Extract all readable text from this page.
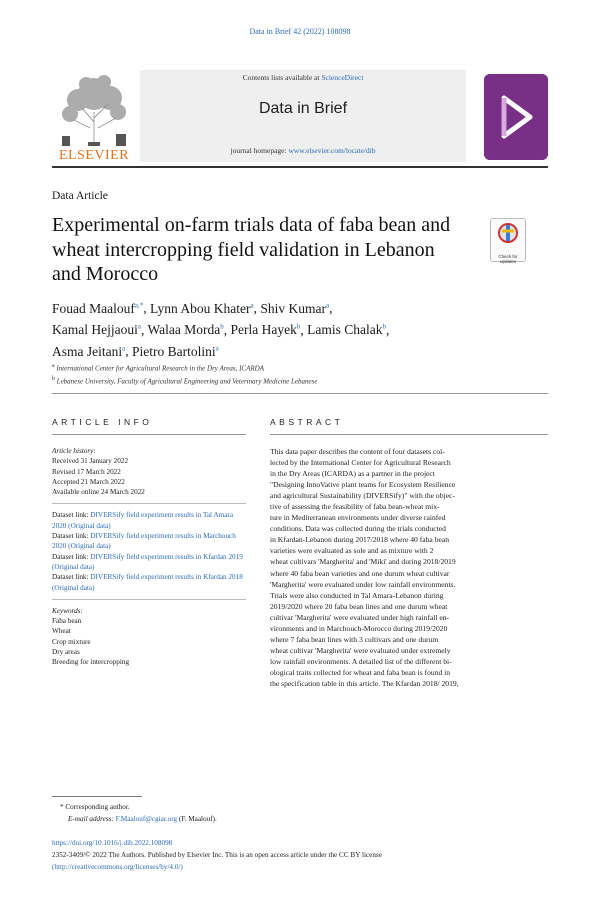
Data in Brief 42 (2022) 108098
ELSEVIER
Contents lists available at ScienceDirect
Data in Brief
journal homepage: www.elsevier.com/locate/dib
Data Article
Experimental on-farm trials data of faba bean and wheat intercropping field validation in Lebanon and Morocco
Check for updates
Fouad Maalouf$^{a,*}$, Lynn Abou Khater$^a$, Shiv Kumar$^a$,
Kamal Hejjaoui$^a$, Walaa Morda$^b$, Perla Hayek$^b$, Lamis Chalak$^b$,
Asma Jeitani$^a$, Pietro Bartolini$^a$
$^a$ International Center for Agricultural Research in the Dry Areas, ICARDA
$^b$ Lebanese University, Faculty of Agricultural Engineering and Veterinary Medicine Lebanese
ARTICLE INFO	ABSTRACT
Article history:
Received 31 January 2022
Revised 17 March 2022
Accepted 21 March 2022
Available online 24 March 2022
Dataset link: DIVERSify field experiment results in Tal Amara 2020 (Original data)
Dataset link: DIVERSify field experiment results in Marchouch 2020 (Original data)
Dataset link: DIVERSify field experiment results in Kfardan 2019 (Original data)
Dataset link: DIVERSify field experiment results in Kfardan 2018 (Original data)
Keywords:
Faba bean
Wheat
Crop mixture
Dry areas
Breeding for intercropping
This data paper describes the content of four datasets col-
lected by the International Center for Agricultural Research
in the Dry Areas (ICARDA) as a partner in the project
"Designing InnoVative plant teams for Ecosystem Resilience
and agricultural Sustainability (DIVERSify)" with the objec-
tive of assessing the feasibility of faba bean-wheat mix-
ture in Mediterranean environments under diverse rainfed
conditions. Data was collected during the trials conducted
in Kfardan-Lebanon during 2017/2018 where 40 faba bean
varieties were evaluated as sole and as mixture with 2
wheat cultivars 'Margherita' and 'Miki' and during 2018/2019
where 40 faba bean varieties and one durum wheat cultivar
'Margherita' were evaluated under low rainfall environments.
Trials were also conducted in Tal Amara-Lebanon during
2019/2020 where 20 faba bean lines and one durum wheat
cultivar 'Margherita' were evaluated under high rainfall en-
vironments and in Marchouch-Morocco during 2019/2020
where 7 faba bean lines with 3 cultivars and one durum
wheat cultivar 'Margherita' were evaluated under extremely
low rainfall environments. A detailed list of the different bi-
ological traits collected for wheat and faba bean is found in
the specification table in this article. The Kfardan 2018/ 2019,
* Corresponding author.
E-mail address: F.Maalouf@cgiar.org (F. Maalouf).
https://doi.org/10.1016/j.dib.2022.108098
2352-3409/© 2022 The Authors. Published by Elsevier Inc. This is an open access article under the CC BY license
(http://creativecommons.org/licenses/by/4.0/)
